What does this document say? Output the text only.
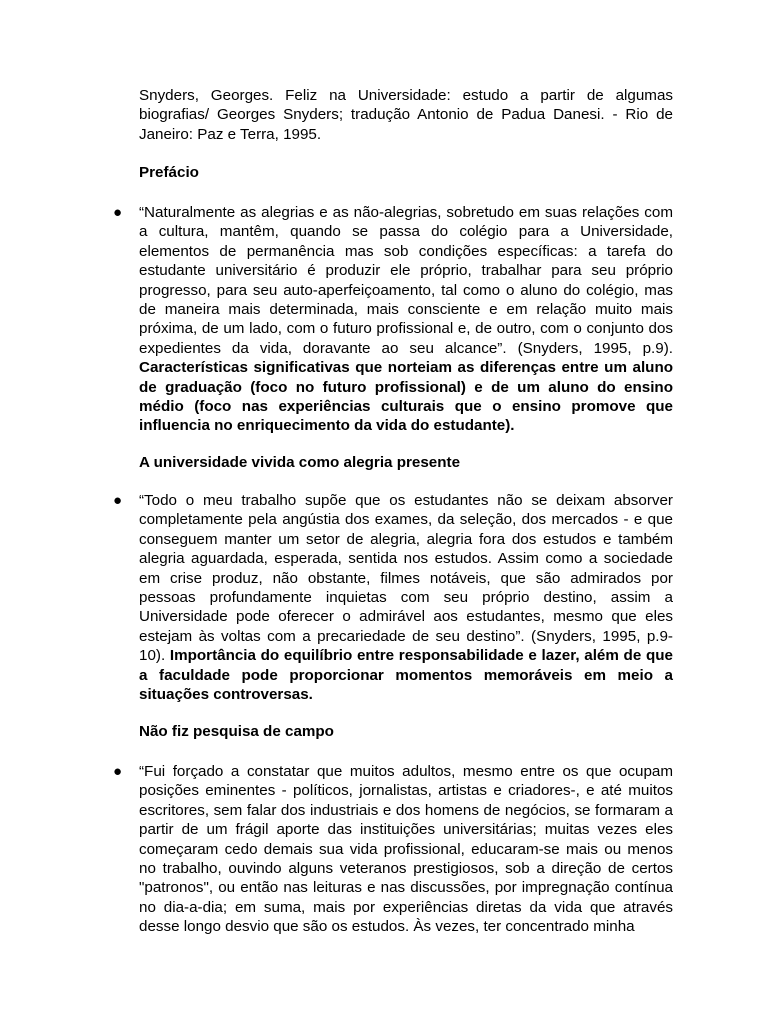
Snyders, Georges. Feliz na Universidade: estudo a partir de algumas biografias/ Georges Snyders; tradução Antonio de Padua Danesi. - Rio de Janeiro: Paz e Terra, 1995.
Prefácio
● “Naturalmente as alegrias e as não-alegrias, sobretudo em suas relações com a cultura, mantêm, quando se passa do colégio para a Universidade, elementos de permanência mas sob condições específicas: a tarefa do estudante universitário é produzir ele próprio, trabalhar para seu próprio progresso, para seu auto-aperfeiçoamento, tal como o aluno do colégio, mas de maneira mais determinada, mais consciente e em relação muito mais próxima, de um lado, com o futuro profissional e, de outro, com o conjunto dos expedientes da vida, doravante ao seu alcance”. (Snyders, 1995, p.9). Características significativas que norteiam as diferenças entre um aluno de graduação (foco no futuro profissional) e de um aluno do ensino médio (foco nas experiências culturais que o ensino promove que influencia no enriquecimento da vida do estudante).
A universidade vivida como alegria presente
● “Todo o meu trabalho supõe que os estudantes não se deixam absorver completamente pela angústia dos exames, da seleção, dos mercados - e que conseguem manter um setor de alegria, alegria fora dos estudos e também alegria aguardada, esperada, sentida nos estudos. Assim como a sociedade em crise produz, não obstante, filmes notáveis, que são admirados por pessoas profundamente inquietas com seu próprio destino, assim a Universidade pode oferecer o admirável aos estudantes, mesmo que eles estejam às voltas com a precariedade de seu destino”. (Snyders, 1995, p.9-10). Importância do equilíbrio entre responsabilidade e lazer, além de que a faculdade pode proporcionar momentos memoráveis em meio a situações controversas.
Não fiz pesquisa de campo
● “Fui forçado a constatar que muitos adultos, mesmo entre os que ocupam posições eminentes - políticos, jornalistas, artistas e criadores-, e até muitos escritores, sem falar dos industriais e dos homens de negócios, se formaram a partir de um frágil aporte das instituições universitárias; muitas vezes eles começaram cedo demais sua vida profissional, educaram-se mais ou menos no trabalho, ouvindo alguns veteranos prestigiosos, sob a direção de certos "patronos", ou então nas leituras e nas discussões, por impregnação contínua no dia-a-dia; em suma, mais por experiências diretas da vida que através desse longo desvio que são os estudos. Às vezes, ter concentrado minha
